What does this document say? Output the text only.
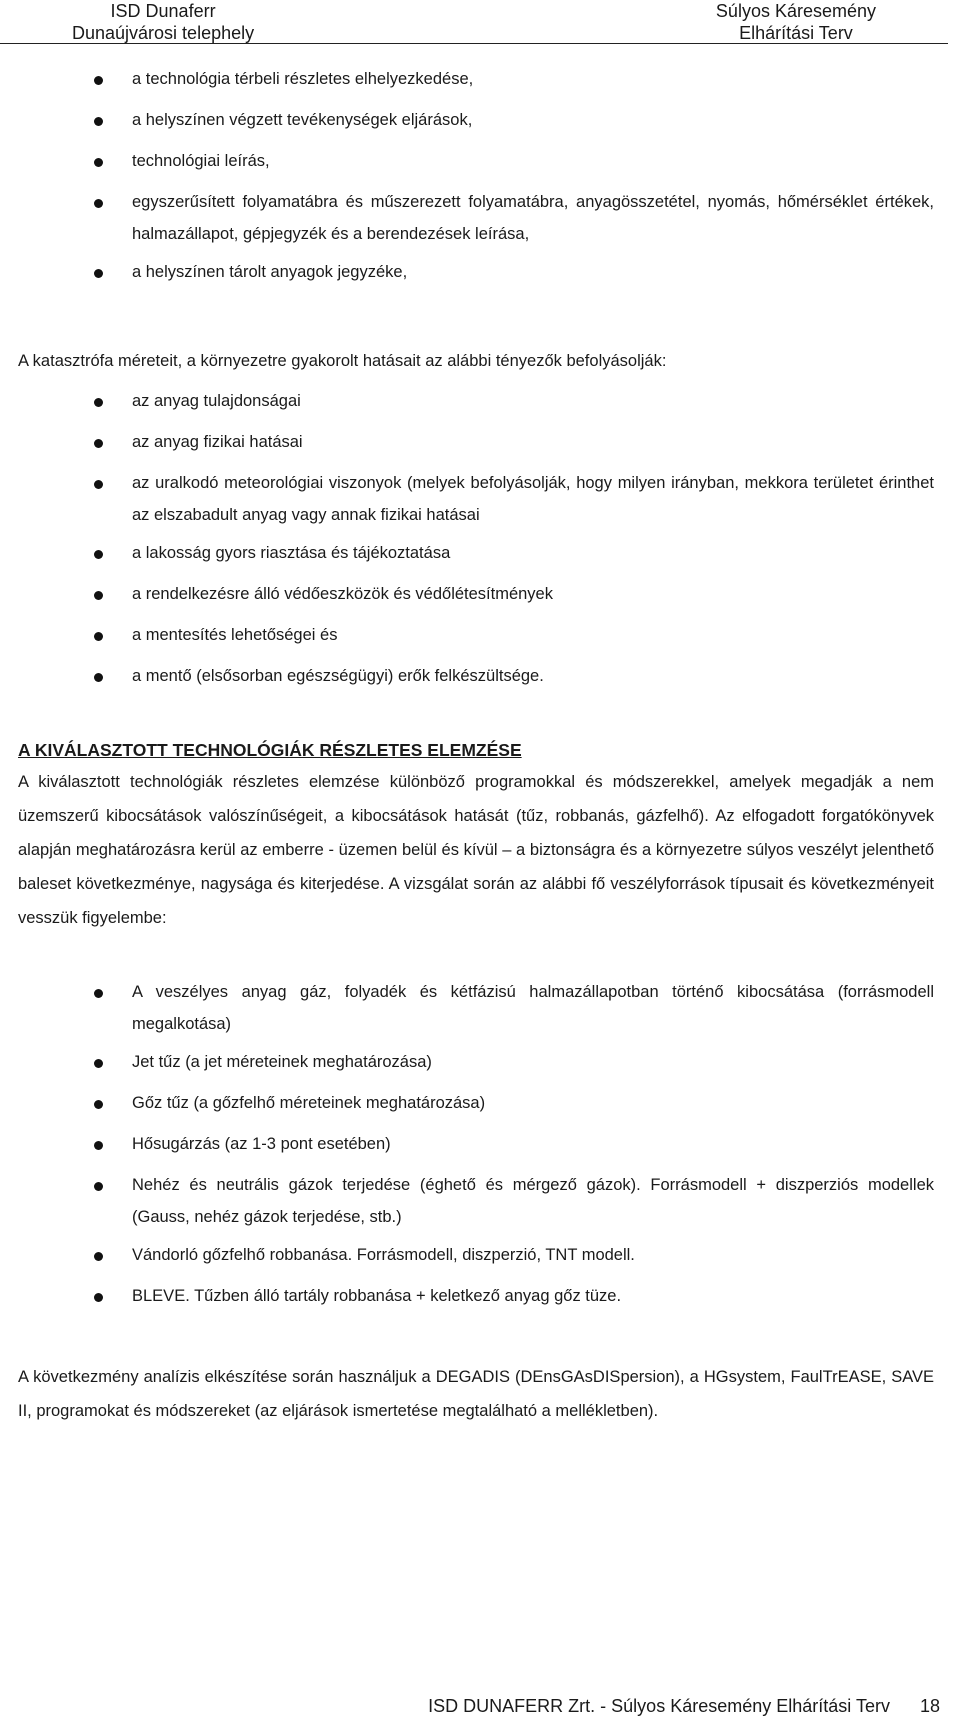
ISD Dunaferr
Dunaújvárosi telephely
Súlyos Káresemény
Elhárítási Terv
a technológia térbeli részletes elhelyezkedése,
a helyszínen végzett tevékenységek eljárások,
technológiai leírás,
egyszerűsített folyamatábra és műszerezett folyamatábra, anyagösszetétel, nyomás, hőmérséklet értékek, halmazállapot, gépjegyzék és a berendezések leírása,
a helyszínen tárolt anyagok jegyzéke,

A katasztrófa méreteit, a környezetre gyakorolt hatásait az alábbi tényezők befolyásolják:

az anyag tulajdonságai
az anyag fizikai hatásai
az uralkodó meteorológiai viszonyok (melyek befolyásolják, hogy milyen irányban, mekkora területet érinthet az elszabadult anyag vagy annak fizikai hatásai
a lakosság gyors riasztása és tájékoztatása
a rendelkezésre álló védőeszközök és védőlétesítmények
a mentesítés lehetőségei és
a mentő (elsősorban egészségügyi) erők felkészültsége.
A KIVÁLASZTOTT TECHNOLÓGIÁK RÉSZLETES ELEMZÉSE

A kiválasztott technológiák részletes elemzése különböző programokkal és módszerekkel, amelyek megadják a nem üzemszerű kibocsátások valószínűségeit, a kibocsátások hatását (tűz, robbanás, gázfelhő). Az elfogadott forgatókönyvek alapján meghatározásra kerül az emberre - üzemen belül és kívül – a biztonságra és a környezetre súlyos veszélyt jelenthető baleset következménye, nagysága és kiterjedése. A vizsgálat során az alábbi fő veszélyforrások típusait és következményeit vesszük figyelembe:

A veszélyes anyag gáz, folyadék és kétfázisú halmazállapotban történő kibocsátása (forrásmodell megalkotása)
Jet tűz (a jet méreteinek meghatározása)
Gőz tűz (a gőzfelhő méreteinek meghatározása)
Hősugárzás (az 1-3 pont esetében)
Nehéz és neutrális gázok terjedése (éghető és mérgező gázok). Forrásmodell + diszperziós modellek (Gauss, nehéz gázok terjedése, stb.)
Vándorló gőzfelhő robbanása. Forrásmodell, diszperzió, TNT modell.
BLEVE. Tűzben álló tartály robbanása + keletkező anyag gőz tüze.

A következmény analízis elkészítése során használjuk a DEGADIS (DEnsGAsDISpersion), a HGsystem, FaulTrEASE, SAVE II, programokat és módszereket (az eljárások ismertetése megtalálható a mellékletben).

ISD DUNAFERR Zrt. - Súlyos Káresemény Elhárítási Terv 18
